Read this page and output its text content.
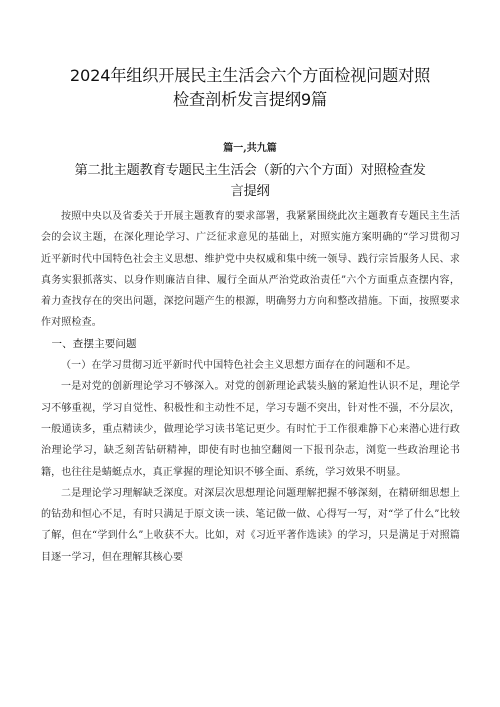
2024年组织开展民主生活会六个方面检视问题对照
检查剖析发言提纲9篇
篇一,共九篇
第二批主题教育专题民主生活会（新的六个方面）对照检查发
言提纲

按照中央以及省委关于开展主题教育的要求部署，我紧紧围绕此次主题教育专题民主生活会的会议主题，在深化理论学习、广泛征求意见的基础上，对照实施方案明确的“学习贯彻习近平新时代中国特色社会主义思想、维护党中央权威和集中统一领导、践行宗旨服务人民、求真务实狠抓落实、以身作则廉洁自律、履行全面从严治党政治责任”六个方面重点查摆内容，着力查找存在的突出问题，深挖问题产生的根源，明确努力方向和整改措施。下面，按照要求作对照检查。

一、查摆主要问题

（一）在学习贯彻习近平新时代中国特色社会主义思想方面存在的问题和不足。

一是对党的创新理论学习不够深入。对党的创新理论武装头脑的紧迫性认识不足，理论学习不够重视，学习自觉性、积极性和主动性不足，学习专题不突出，针对性不强，不分层次，一般通读多，重点精读少，做理论学习读书笔记更少。有时忙于工作很难静下心来潜心进行政治理论学习，缺乏刻苦钻研精神，即使有时也抽空翻阅一下报刊杂志，浏览一些政治理论书籍，也往往是蜻蜓点水，真正掌握的理论知识不够全面、系统，学习效果不明显。

二是理论学习理解缺乏深度。对深层次思想理论问题理解把握不够深刻，在精研细思想上的钻劲和恒心不足，有时只满足于原文读一读、笔记做一做、心得写一写，对“学了什么”比较了解，但在“学到什么”上收获不大。比如，对《习近平著作选读》的学习，只是满足于对照篇目逐一学习，但在理解其核心要
